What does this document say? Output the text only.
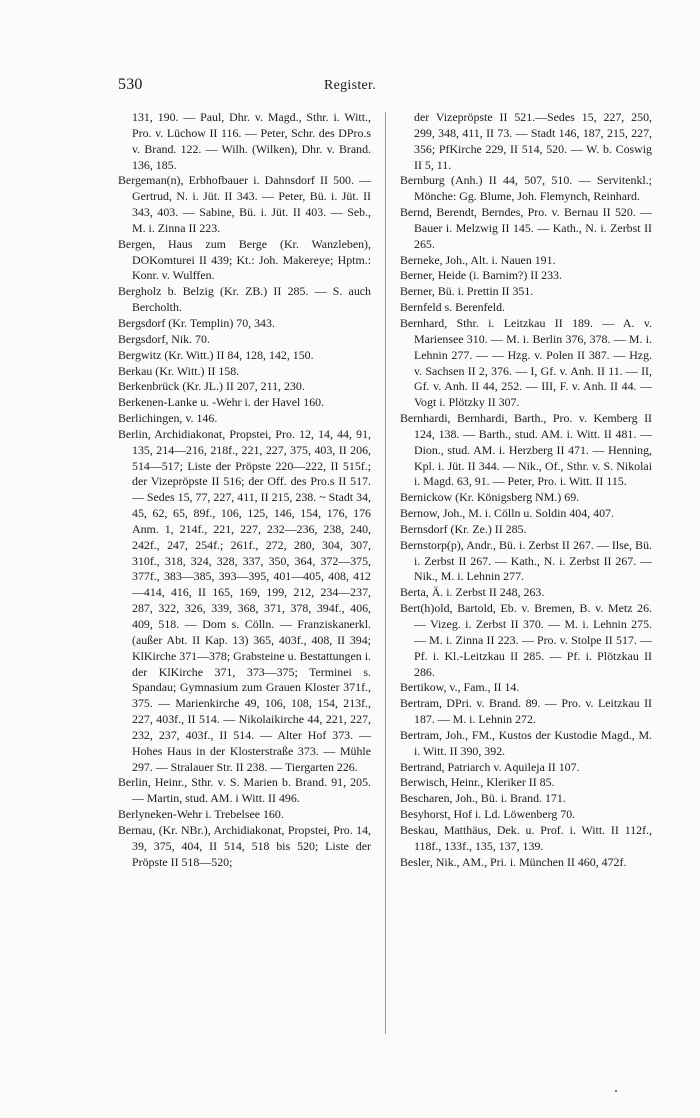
530	Register.
131, 190. — Paul, Dhr. v. Magd., Sthr. i. Witt., Pro. v. Lüchow II 116. — Peter, Schr. des DPro.s v. Brand. 122. — Wilh. (Wilken), Dhr. v. Brand. 136, 185.
Bergeman(n), Erbhofbauer i. Dahnsdorf II 500. — Gertrud, N. i. Jüt. II 343. — Peter, Bü. i. Jüt. II 343, 403. — Sabine, Bü. i. Jüt. II 403. — Seb., M. i. Zinna II 223.
Bergen, Haus zum Berge (Kr. Wanzleben), DOKomturei II 439; Kt.: Joh. Makereye; Hptm.: Konr. v. Wulffen.
Bergholz b. Belzig (Kr. ZB.) II 285. — S. auch Bercholth.
Bergsdorf (Kr. Templin) 70, 343.
Bergsdorf, Nik. 70.
Bergwitz (Kr. Witt.) II 84, 128, 142, 150.
Berkau (Kr. Witt.) II 158.
Berkenbrück (Kr. JL.) II 207, 211, 230.
Berkenen-Lanke u. -Wehr i. der Havel 160.
Berlichingen, v. 146.
Berlin, Archidiakonat, Propstei, Pro. 12, 14, 44, 91, 135, 214—216, 218f., 221, 227, 375, 403, II 206, 514—517; Liste der Pröpste 220—222, II 515f.; der Vizepröpste II 516; der Off. des Pro.s II 517. — Sedes 15, 77, 227, 411, II 215, 238. ~ Stadt 34, 45, 62, 65, 89f., 106, 125, 146, 154, 176, 176 Anm. 1, 214f., 221, 227, 232—236, 238, 240, 242f., 247, 254f.; 261f., 272, 280, 304, 307, 310f., 318, 324, 328, 337, 350, 364, 372—375, 377f., 383—385, 393—395, 401—405, 408, 412—414, 416, II 165, 169, 199, 212, 234—237, 287, 322, 326, 339, 368, 371, 378, 394f., 406, 409, 518. — Dom s. Cölln. — Franziskanerkl. (außer Abt. II Kap. 13) 365, 403f., 408, II 394; KlKirche 371—378; Grabsteine u. Bestattungen i. der KlKirche 371, 373—375; Terminei s. Spandau; Gymnasium zum Grauen Kloster 371f., 375. — Marienkirche 49, 106, 108, 154, 213f., 227, 403f., II 514. — Nikolaikirche 44, 221, 227, 232, 237, 403f., II 514. — Alter Hof 373. — Hohes Haus in der Klosterstraße 373. — Mühle 297. — Stralauer Str. II 238. — Tiergarten 226.
Berlin, Heinr., Sthr. v. S. Marien b. Brand. 91, 205. — Martin, stud. AM. i Witt. II 496.
Berlyneken-Wehr i. Trebelsee 160.
Bernau, (Kr. NBr.), Archidiakonat, Propstei, Pro. 14, 39, 375, 404, II 514, 518 bis 520; Liste der Pröpste II 518—520;
der Vizepröpste II 521.—Sedes 15, 227, 250, 299, 348, 411, II 73. — Stadt 146, 187, 215, 227, 356; PfKirche 229, II 514, 520. — W. b. Coswig II 5, 11.
Bernburg (Anh.) II 44, 507, 510. — Servitenkl.; Mönche: Gg. Blume, Joh. Flemynch, Reinhard.
Bernd, Berendt, Berndes, Pro. v. Bernau II 520. — Bauer i. Melzwig II 145. — Kath., N. i. Zerbst II 265.
Berneke, Joh., Alt. i. Nauen 191.
Berner, Heide (i. Barnim?) II 233.
Berner, Bü. i. Prettin II 351.
Bernfeld s. Berenfeld.
Bernhard, Sthr. i. Leitzkau II 189. — A. v. Mariensee 310. — M. i. Berlin 376, 378. — M. i. Lehnin 277. — — Hzg. v. Polen II 387. — Hzg. v. Sachsen II 2, 376. — I, Gf. v. Anh. II 11. — II, Gf. v. Anh. II 44, 252. — III, F. v. Anh. II 44. — Vogt i. Plötzky II 307.
Bernhardi, Bernhardi, Barth., Pro. v. Kemberg II 124, 138. — Barth., stud. AM. i. Witt. II 481. — Dion., stud. AM. i. Herzberg II 471. — Henning, Kpl. i. Jüt. II 344. — Nik., Of., Sthr. v. S. Nikolai i. Magd. 63, 91. — Peter, Pro. i. Witt. II 115.
Bernickow (Kr. Königsberg NM.) 69.
Bernow, Joh., M. i. Cölln u. Soldin 404, 407.
Bernsdorf (Kr. Ze.) II 285.
Bernstorp(p), Andr., Bü. i. Zerbst II 267. — Ilse, Bü. i. Zerbst II 267. — Kath., N. i. Zerbst II 267. — Nik., M. i. Lehnin 277.
Berta, Ä. i. Zerbst II 248, 263.
Bert(h)old, Bartold, Eb. v. Bremen, B. v. Metz 26. — Vizeg. i. Zerbst II 370. — M. i. Lehnin 275. — M. i. Zinna II 223. — Pro. v. Stolpe II 517. — Pf. i. Kl.-Leitzkau II 285. — Pf. i. Plötzkau II 286.
Bertikow, v., Fam., II 14.
Bertram, DPri. v. Brand. 89. — Pro. v. Leitzkau II 187. — M. i. Lehnin 272.
Bertram, Joh., FM., Kustos der Kustodie Magd., M. i. Witt. II 390, 392.
Bertrand, Patriarch v. Aquileja II 107.
Berwisch, Heinr., Kleriker II 85.
Bescharen, Joh., Bü. i. Brand. 171.
Besyhorst, Hof i. Ld. Löwenberg 70.
Beskau, Matthäus, Dek. u. Prof. i. Witt. II 112f., 118f., 133f., 135, 137, 139.
Besler, Nik., AM., Pri. i. München II 460, 472f.
